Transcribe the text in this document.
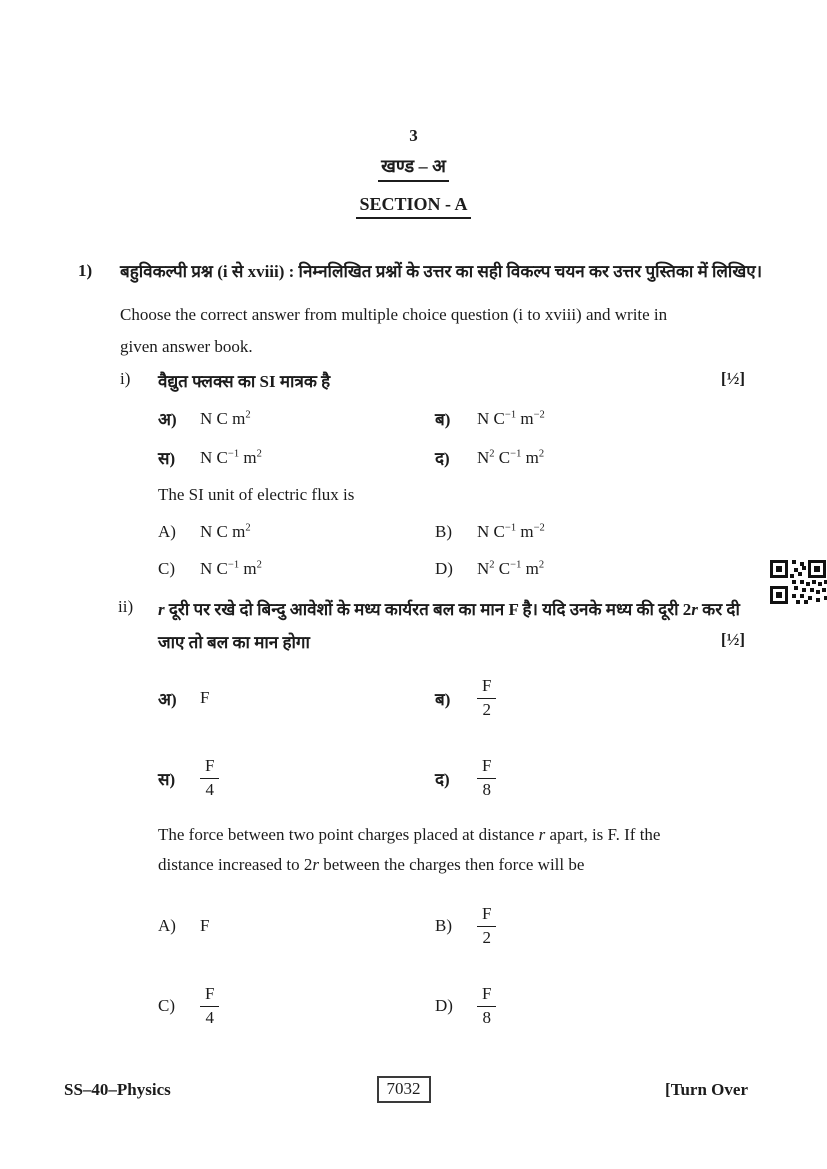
3
खण्ड – अ
SECTION - A
1) बहुविकल्पी प्रश्न (i से xviii) : निम्नलिखित प्रश्नों के उत्तर का सही विकल्प चयन कर उत्तर पुस्तिका में लिखिए।
Choose the correct answer from multiple choice question (i to xviii) and write in
given answer book.
i) वैद्युत फ्लक्स का SI मात्रक है	[½]
अ)	N C $m^2$	ब)	N $C^{-1}$ $m^{-2}$
स)	N $C^{-1}$ $m^2$	द)	$N^2$ $C^{-1}$ $m^2$
The SI unit of electric flux is
A)	N C $m^2$	B)	N $C^{-1}$ $m^{-2}$
C)	N $C^{-1}$ $m^2$	D)	$N^2$ $C^{-1}$ $m^2$
ii) r दूरी पर रखे दो बिन्दु आवेशों के मध्य कार्यरत बल का मान F है। यदि उनके मध्य की दूरी 2r कर दी
जाए तो बल का मान होगा	[½]
अ)	F	ब)	$\frac{F}{2}$
स)	$\frac{F}{4}$	द)	$\frac{F}{8}$
The force between two point charges placed at distance r apart, is F. If the
distance increased to 2r between the charges then force will be
A)	F	B)	$\frac{F}{2}$
C)	$\frac{F}{4}$	D)	$\frac{F}{8}$
SS–40–Physics	7032	[Turn Over
